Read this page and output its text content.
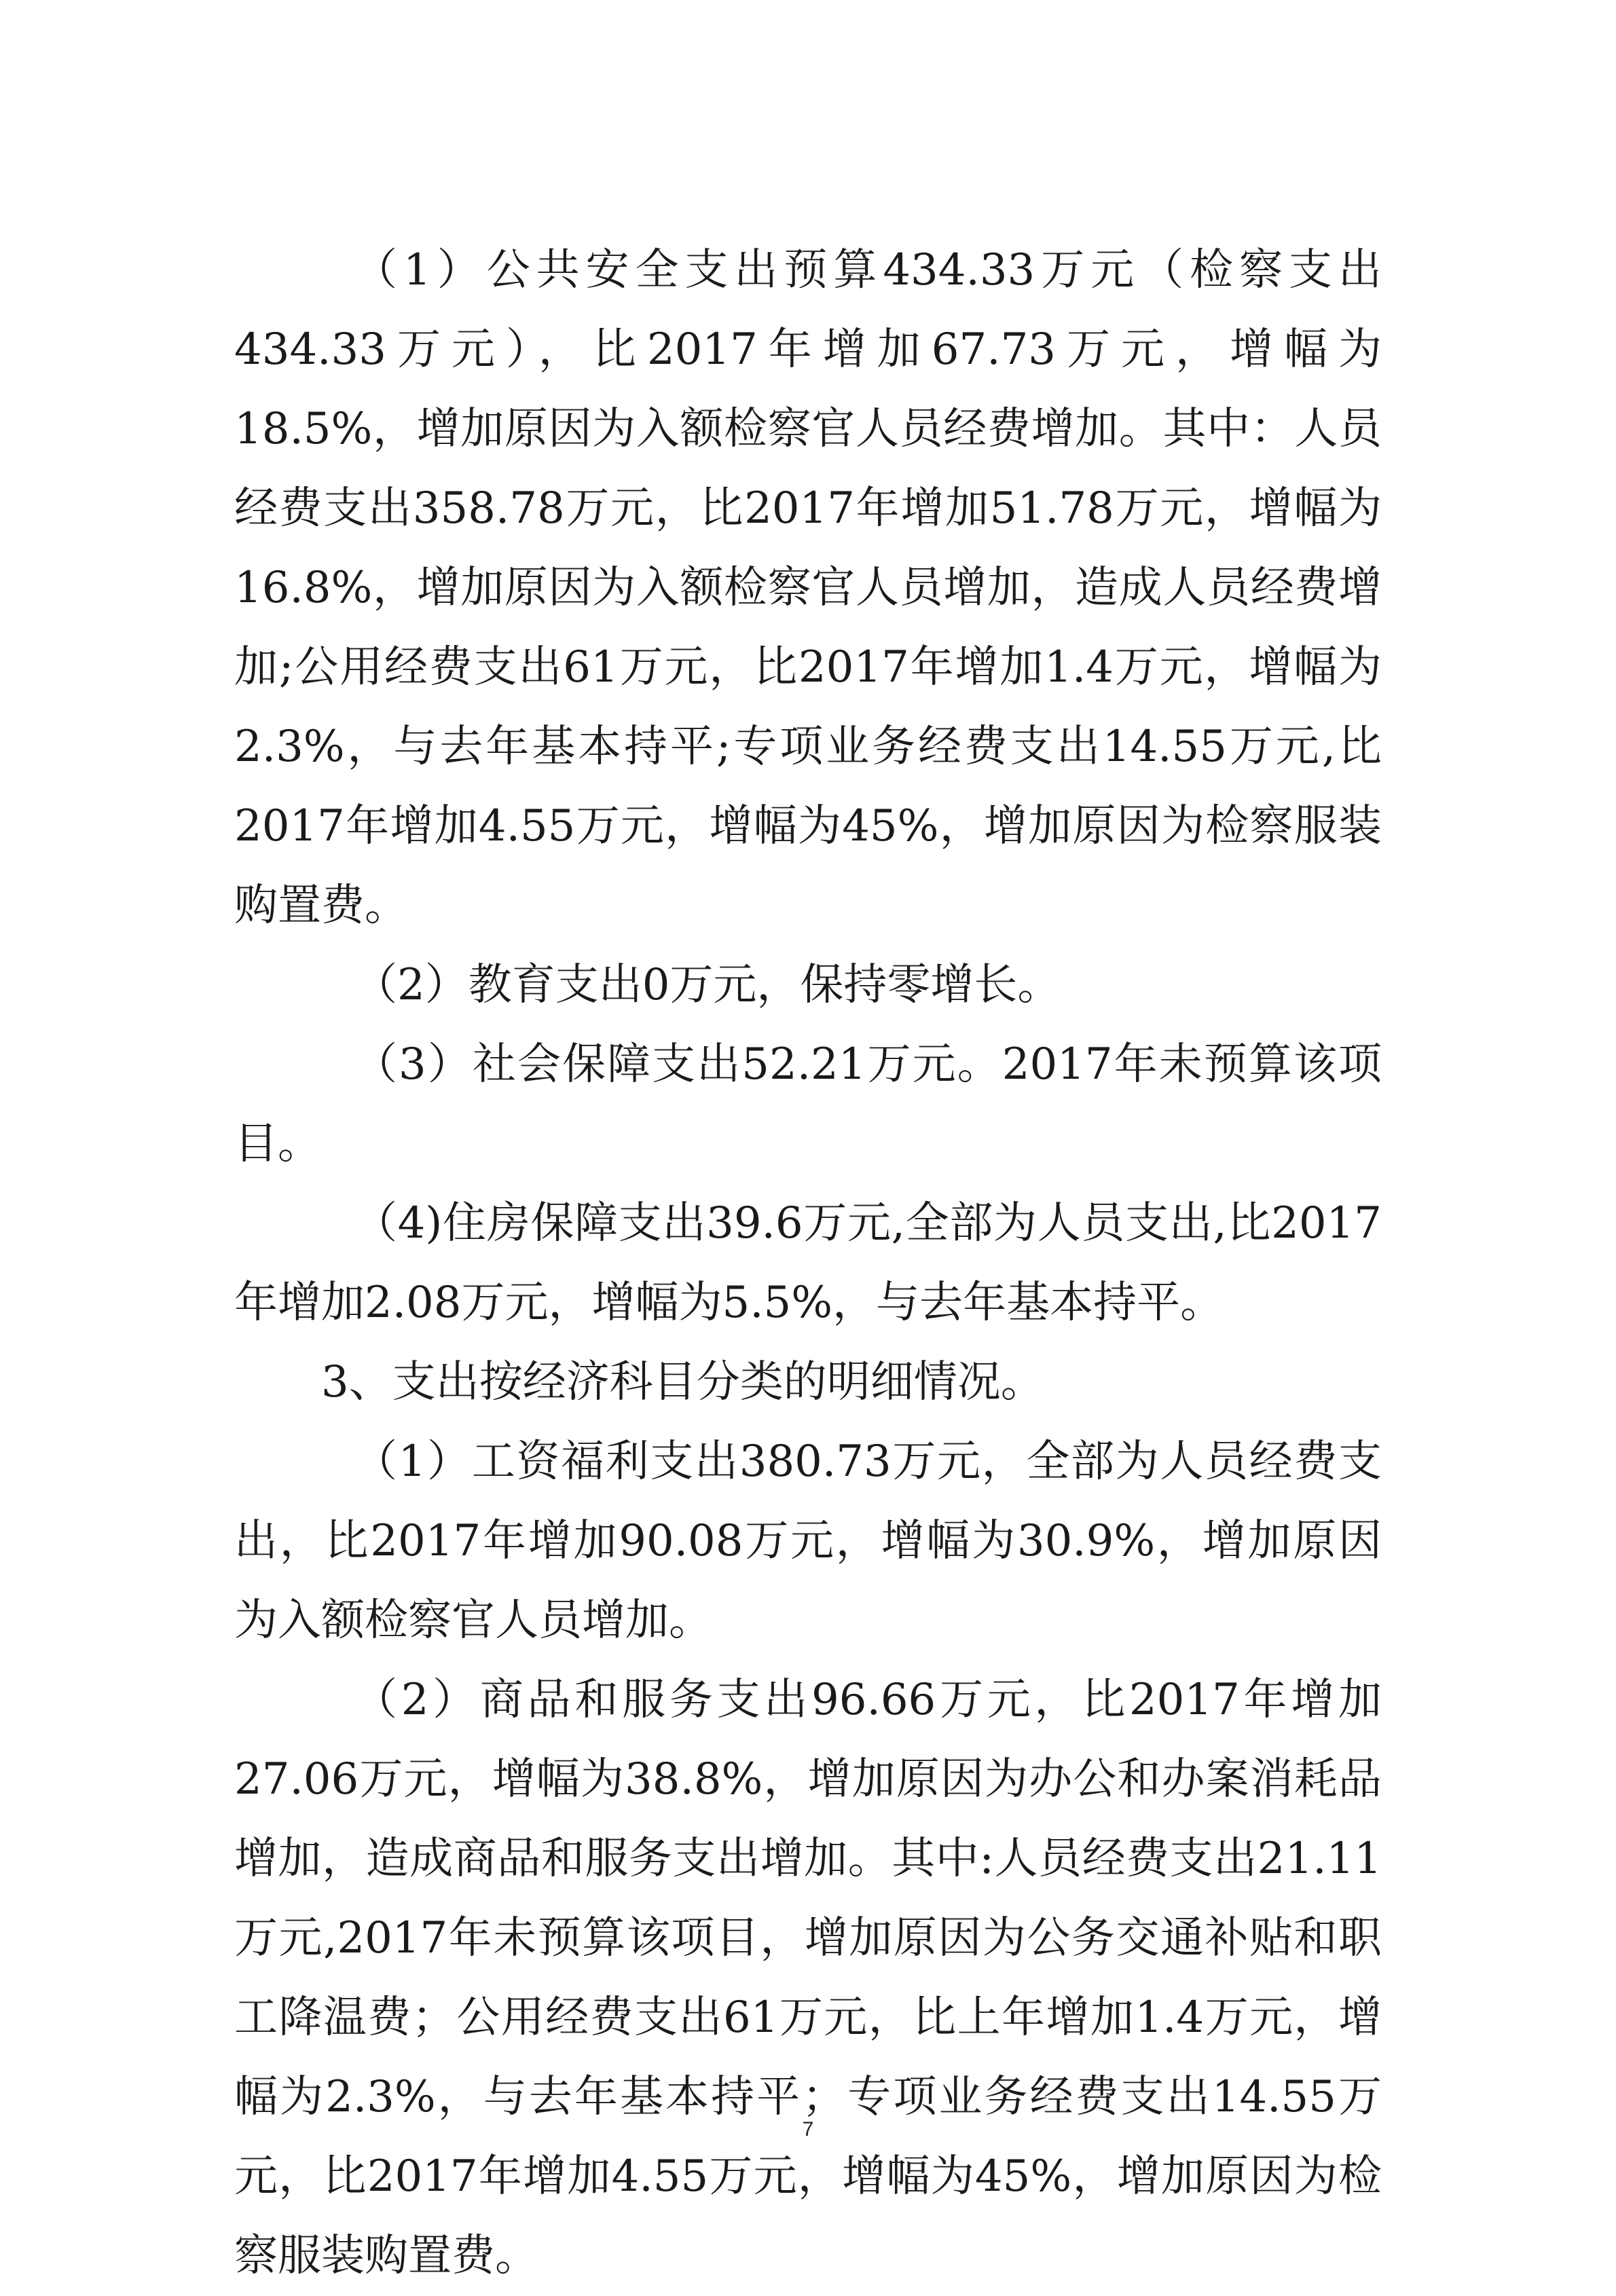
（1）公共安全支出预算434.33万元（检察支出434.33万元），比2017年增加67.73万元，增幅为18.5%，增加原因为入额检察官人员经费增加。其中：人员经费支出358.78万元，比2017年增加51.78万元，增幅为16.8%，增加原因为入额检察官人员增加，造成人员经费增加;公用经费支出61万元，比2017年增加1.4万元，增幅为2.3%，与去年基本持平;专项业务经费支出14.55万元,比2017年增加4.55万元，增幅为45%，增加原因为检察服装购置费。

（2）教育支出0万元，保持零增长。

（3）社会保障支出52.21万元。2017年未预算该项目。

（4)住房保障支出39.6万元,全部为人员支出,比2017年增加2.08万元，增幅为5.5%，与去年基本持平。

3、支出按经济科目分类的明细情况。

（1）工资福利支出380.73万元，全部为人员经费支出，比2017年增加90.08万元，增幅为30.9%，增加原因为入额检察官人员增加。

（2）商品和服务支出96.66万元，比2017年增加27.06万元，增幅为38.8%，增加原因为办公和办案消耗品增加，造成商品和服务支出增加。其中:人员经费支出21.11万元,2017年未预算该项目，增加原因为公务交通补贴和职工降温费；公用经费支出61万元，比上年增加1.4万元，增幅为2.3%，与去年基本持平；专项业务经费支出14.55万元，比2017年增加4.55万元，增幅为45%，增加原因为检察服装购置费。

7
